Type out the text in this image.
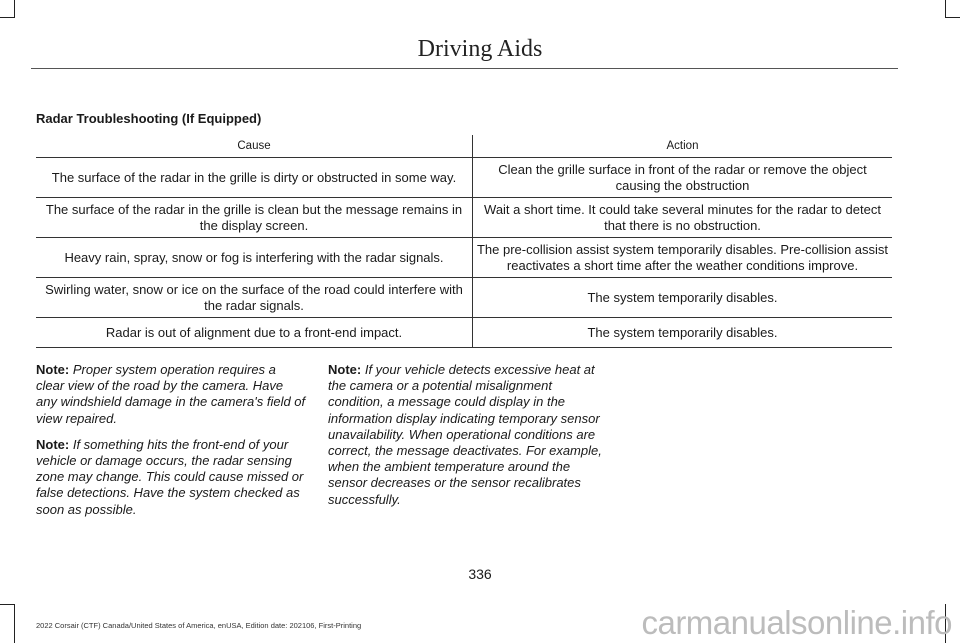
Driving Aids
Radar Troubleshooting (If Equipped)
Cause	Action
The surface of the radar in the grille is dirty or obstructed in some way.	Clean the grille surface in front of the radar or remove the object causing the obstruction
The surface of the radar in the grille is clean but the message remains in the display screen.	Wait a short time. It could take several minutes for the radar to detect that there is no obstruction.
Heavy rain, spray, snow or fog is interfering with the radar signals.	The pre-collision assist system temporarily disables. Pre-collision assist reactivates a short time after the weather conditions improve.
Swirling water, snow or ice on the surface of the road could interfere with the radar signals.	The system temporarily disables.
Radar is out of alignment due to a front-end impact.	The system temporarily disables.

Note: Proper system operation requires a clear view of the road by the camera. Have any windshield damage in the camera's field of view repaired.

Note: If something hits the front-end of your vehicle or damage occurs, the radar sensing zone may change. This could cause missed or false detections. Have the system checked as soon as possible.

Note: If your vehicle detects excessive heat at the camera or a potential misalignment condition, a message could display in the information display indicating temporary sensor unavailability. When operational conditions are correct, the message deactivates. For example, when the ambient temperature around the sensor decreases or the sensor recalibrates successfully.

336
2022 Corsair (CTF) Canada/United States of America, enUSA, Edition date: 202106, First-Printing	carmanualsonline.info
